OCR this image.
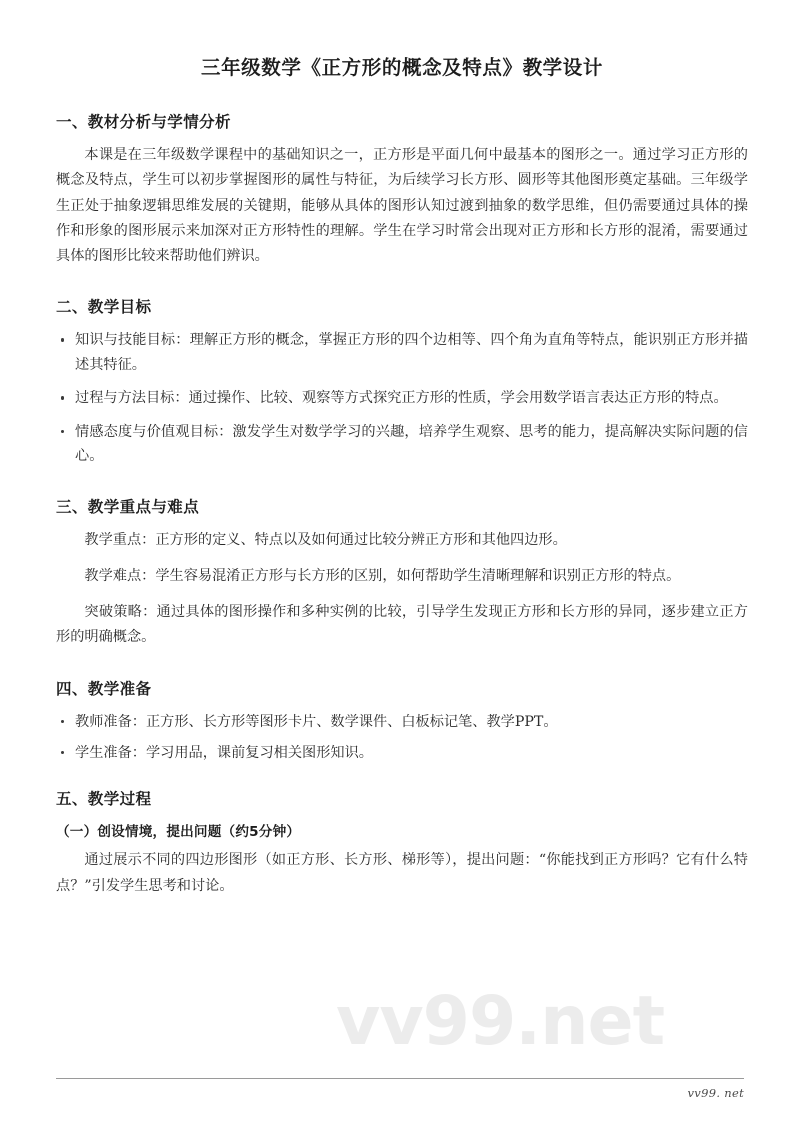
vv99.net
三年级数学《正方形的概念及特点》教学设计
一、教材分析与学情分析

本课是在三年级数学课程中的基础知识之一，正方形是平面几何中最基本的图形之一。通过学习正方形的概念及特点，学生可以初步掌握图形的属性与特征，为后续学习长方形、圆形等其他图形奠定基础。三年级学生正处于抽象逻辑思维发展的关键期，能够从具体的图形认知过渡到抽象的数学思维，但仍需要通过具体的操作和形象的图形展示来加深对正方形特性的理解。学生在学习时常会出现对正方形和长方形的混淆，需要通过具体的图形比较来帮助他们辨识。

二、教学目标
知识与技能目标：理解正方形的概念，掌握正方形的四个边相等、四个角为直角等特点，能识别正方形并描述其特征。
过程与方法目标：通过操作、比较、观察等方式探究正方形的性质，学会用数学语言表达正方形的特点。
情感态度与价值观目标：激发学生对数学学习的兴趣，培养学生观察、思考的能力，提高解决实际问题的信心。
三、教学重点与难点

教学重点：正方形的定义、特点以及如何通过比较分辨正方形和其他四边形。

教学难点：学生容易混淆正方形与长方形的区别，如何帮助学生清晰理解和识别正方形的特点。

突破策略：通过具体的图形操作和多种实例的比较，引导学生发现正方形和长方形的异同，逐步建立正方形的明确概念。

四、教学准备
教师准备：正方形、长方形等图形卡片、数学课件、白板标记笔、教学PPT。
学生准备：学习用品，课前复习相关图形知识。
五、教学过程
（一）创设情境，提出问题（约5分钟）

通过展示不同的四边形图形（如正方形、长方形、梯形等），提出问题：“你能找到正方形吗？它有什么特点？”引发学生思考和讨论。

vv99. net
